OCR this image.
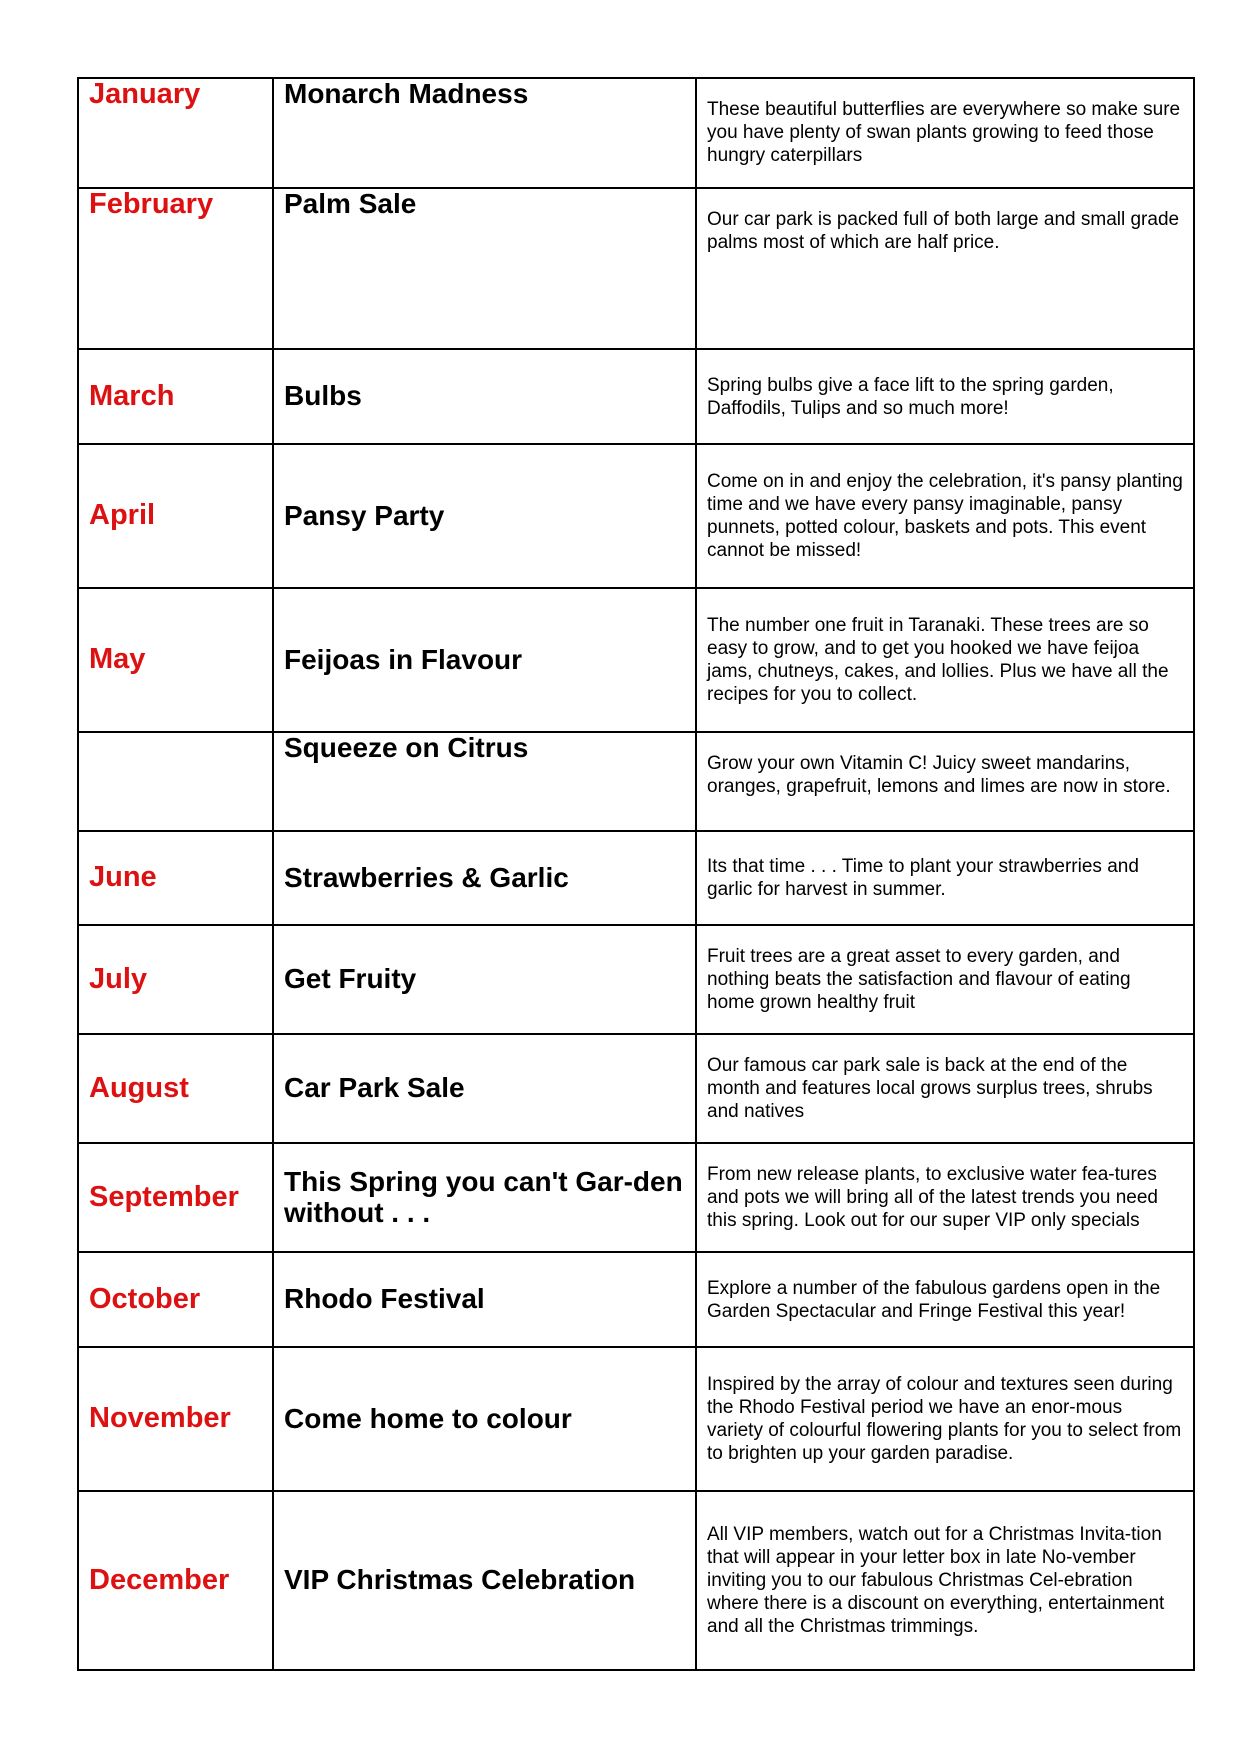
January	Monarch Madness	These beautiful butterflies are everywhere so make sure you have plenty of swan plants growing to feed those hungry caterpillars

February	Palm Sale	Our car park is packed full of both large and small grade palms most of which are half price.

March	Bulbs	Spring bulbs give a face lift to the spring garden, Daffodils, Tulips and so much more!

April	Pansy Party	Come on in and enjoy the celebration, it's pansy planting time and we have every pansy imaginable, pansy punnets, potted colour, baskets and pots. This event cannot be missed!

May	Feijoas in Flavour	The number one fruit in Taranaki. These trees are so easy to grow, and to get you hooked we have feijoa jams, chutneys, cakes, and lollies. Plus we have all the recipes for you to collect.

	Squeeze on Citrus	Grow your own Vitamin C! Juicy sweet mandarins, oranges, grapefruit, lemons and limes are now in store.

June	Strawberries & Garlic	Its that time . . . Time to plant your strawberries and garlic for harvest in summer.

July	Get Fruity	Fruit trees are a great asset to every garden, and nothing beats the satisfaction and flavour of eating home grown healthy fruit

August	Car Park Sale	Our famous car park sale is back at the end of the month and features local grows surplus trees, shrubs and natives

September	This Spring you can't Gar-den without . . .	From new release plants, to exclusive water fea-tures and pots we will bring all of the latest trends you need this spring. Look out for our super VIP only specials

October	Rhodo Festival	Explore a number of the fabulous gardens open in the Garden Spectacular and Fringe Festival this year!

November	Come home to colour	Inspired by the array of colour and textures seen during the Rhodo Festival period we have an enor-mous variety of colourful flowering plants for you to select from to brighten up your garden paradise.

December	VIP Christmas Celebration	All VIP members, watch out for a Christmas Invita-tion that will appear in your letter box in late No-vember inviting you to our fabulous Christmas Cel-ebration where there is a discount on everything, entertainment and all the Christmas trimmings.
